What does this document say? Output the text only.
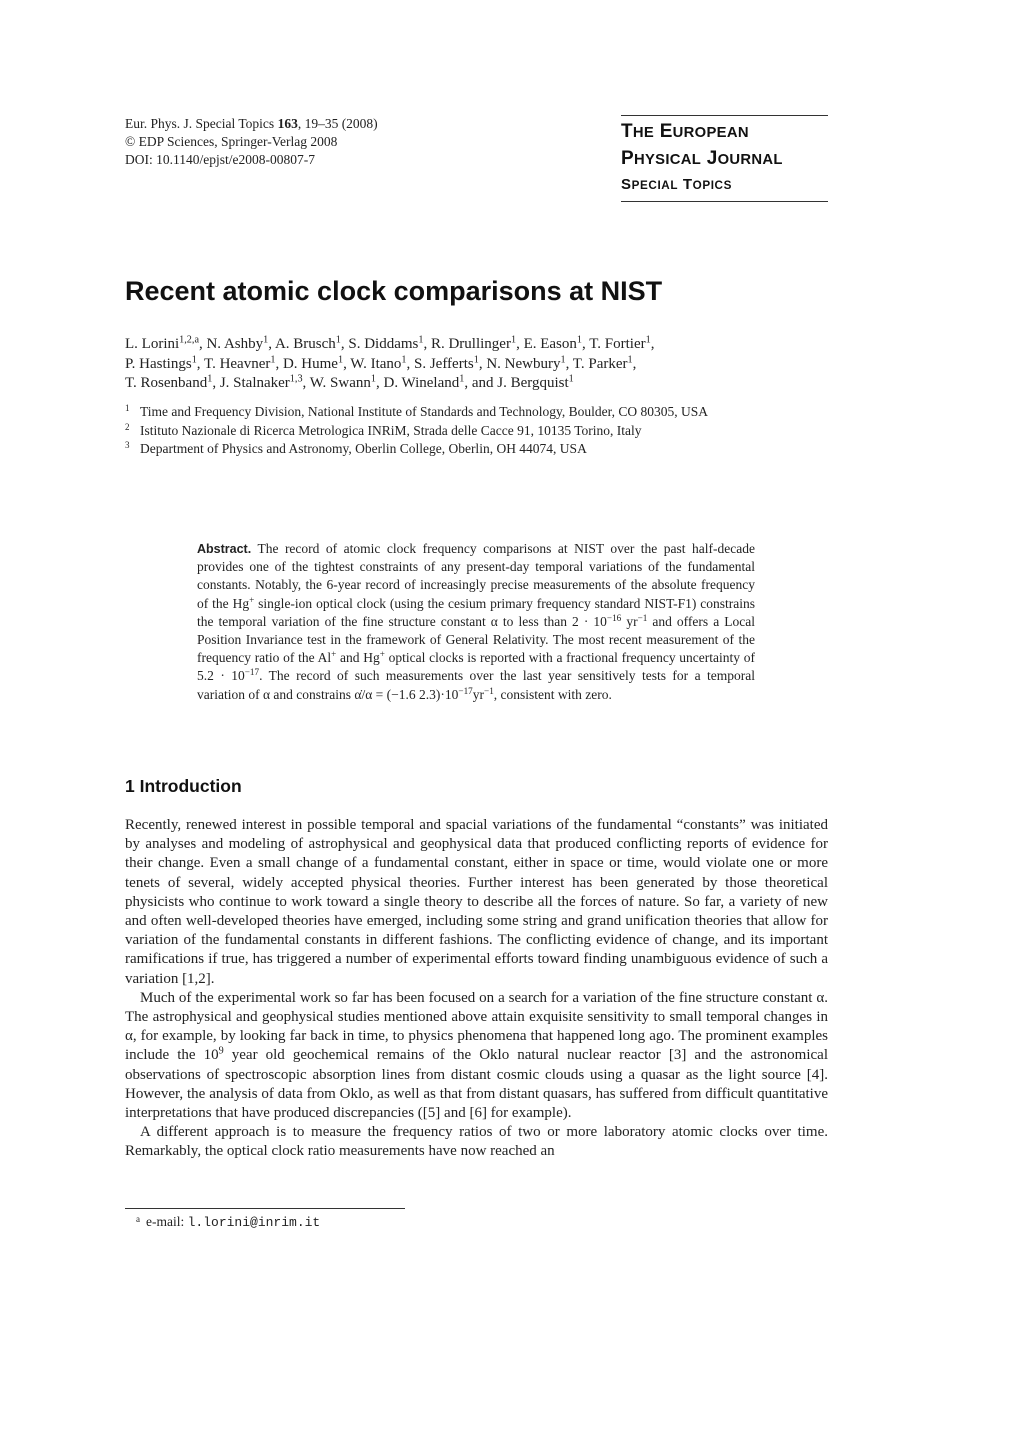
Eur. Phys. J. Special Topics 163, 19–35 (2008)
© EDP Sciences, Springer-Verlag 2008
DOI: 10.1140/epjst/e2008-00807-7
THE EUROPEAN
PHYSICAL JOURNAL
SPECIAL TOPICS
Recent atomic clock comparisons at NIST
L. Lorini$^{1,2,a}$, N. Ashby$^1$, A. Brusch$^1$, S. Diddams$^1$, R. Drullinger$^1$, E. Eason$^1$, T. Fortier$^1$,
P. Hastings$^1$, T. Heavner$^1$, D. Hume$^1$, W. Itano$^1$, S. Jefferts$^1$, N. Newbury$^1$, T. Parker$^1$,
T. Rosenband$^1$, J. Stalnaker$^{1,3}$, W. Swann$^1$, D. Wineland$^1$, and J. Bergquist$^1$
1 Time and Frequency Division, National Institute of Standards and Technology, Boulder, CO 80305, USA
2 Istituto Nazionale di Ricerca Metrologica INRiM, Strada delle Cacce 91, 10135 Torino, Italy
3 Department of Physics and Astronomy, Oberlin College, Oberlin, OH 44074, USA
Abstract. The record of atomic clock frequency comparisons at NIST over the past half-decade provides one of the tightest constraints of any present-day temporal variations of the fundamental constants. Notably, the 6-year record of increasingly precise measurements of the absolute frequency of the Hg+ single-ion optical clock (using the cesium primary frequency standard NIST-F1) constrains the temporal variation of the fine structure constant α to less than $2 \cdot 10^{-16}$ $yr^{-1}$ and offers a Local Position Invariance test in the framework of General Relativity. The most recent measurement of the frequency ratio of the Al+ and Hg+ optical clocks is reported with a fractional frequency uncertainty of $5.2 \cdot 10^{-17}$. The record of such measurements over the last year sensitively tests for a temporal variation of α and constrains α̇/α = (−1.6 $2.3)\cdot 10^{-17}yr^{-1}$, consistent with zero.
1 Introduction

Recently, renewed interest in possible temporal and spacial variations of the fundamental “constants” was initiated by analyses and modeling of astrophysical and geophysical data that produced conflicting reports of evidence for their change. Even a small change of a fundamental constant, either in space or time, would violate one or more tenets of several, widely accepted physical theories. Further interest has been generated by those theoretical physicists who continue to work toward a single theory to describe all the forces of nature. So far, a variety of new and often well-developed theories have emerged, including some string and grand unification theories that allow for variation of the fundamental constants in different fashions. The conflicting evidence of change, and its important ramifications if true, has triggered a number of experimental efforts toward finding unambiguous evidence of such a variation [1,2].

Much of the experimental work so far has been focused on a search for a variation of the fine structure constant α. The astrophysical and geophysical studies mentioned above attain exquisite sensitivity to small temporal changes in α, for example, by looking far back in time, to physics phenomena that happened long ago. The prominent examples include the $10^9$ year old geochemical remains of the Oklo natural nuclear reactor [3] and the astronomical observations of spectroscopic absorption lines from distant cosmic clouds using a quasar as the light source [4]. However, the analysis of data from Oklo, as well as that from distant quasars, has suffered from difficult quantitative interpretations that have produced discrepancies ([5] and [6] for example).

A different approach is to measure the frequency ratios of two or more laboratory atomic clocks over time. Remarkably, the optical clock ratio measurements have now reached an

$^a$ e-mail: l.lorini@inrim.it
